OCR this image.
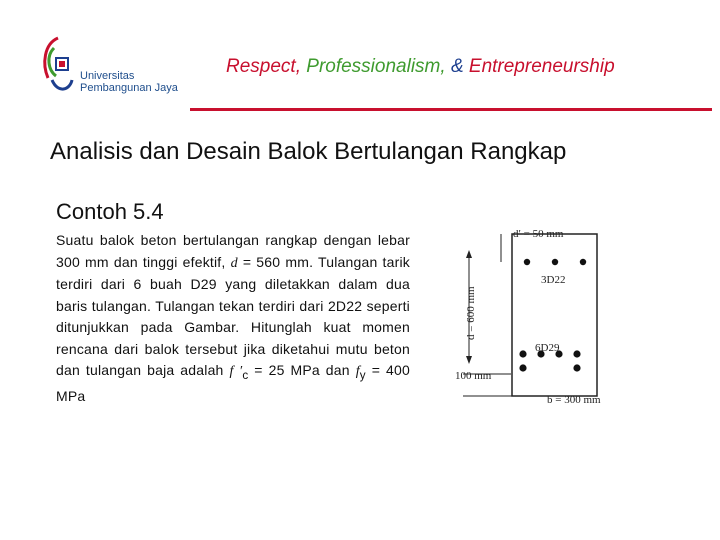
Universitas
Pembangunan Jaya
Respect, Professionalism, & Entrepreneurship
Analisis dan Desain Balok Bertulangan Rangkap
Contoh 5.4
Suatu balok beton bertulangan rangkap dengan lebar 300 mm dan tinggi efektif, d = 560 mm. Tulangan tarik terdiri dari 6 buah D29 yang diletakkan dalam dua baris tulangan. Tulangan tekan terdiri dari 2D22 seperti ditunjukkan pada Gambar. Hitunglah kuat momen rencana dari balok tersebut jika diketahui mutu beton dan tulangan baja adalah f $'_c = 25$ MPa dan $f_y = 400$ MPa
d′ = 50 mm
3D22
6D29
d = 600 mm
100 mm
b = 300 mm
